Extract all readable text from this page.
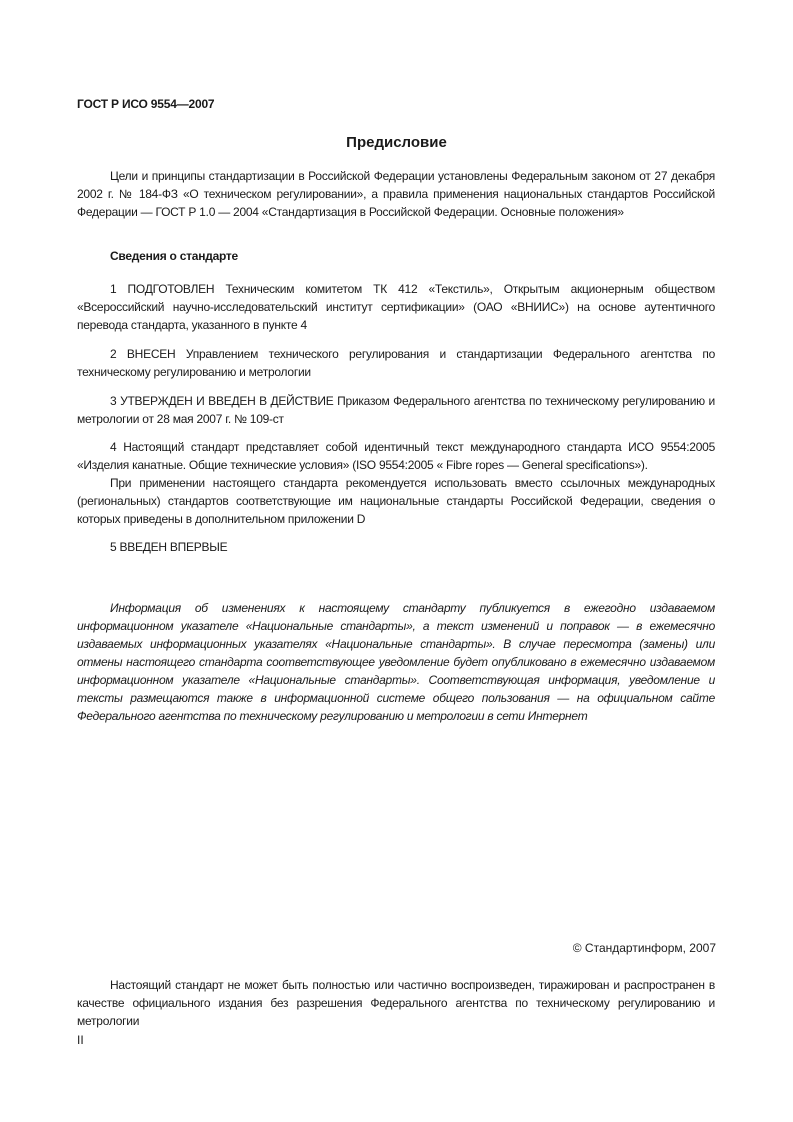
ГОСТ Р ИСО 9554—2007
Предисловие

Цели и принципы стандартизации в Российской Федерации установлены Федеральным законом от 27 декабря 2002 г. № 184-ФЗ «О техническом регулировании», а правила применения национальных стандартов Российской Федерации — ГОСТ Р 1.0 — 2004 «Стандартизация в Российской Федерации. Основные положения»

Сведения о стандарте

1 ПОДГОТОВЛЕН Техническим комитетом ТК 412 «Текстиль», Открытым акционерным обществом «Всероссийский научно-исследовательский институт сертификации» (ОАО «ВНИИС») на основе аутентичного перевода стандарта, указанного в пункте 4

2 ВНЕСЕН Управлением технического регулирования и стандартизации Федерального агентства по техническому регулированию и метрологии

3 УТВЕРЖДЕН И ВВЕДЕН В ДЕЙСТВИЕ Приказом Федерального агентства по техническому регулированию и метрологии от 28 мая 2007 г. № 109-ст

4 Настоящий стандарт представляет собой идентичный текст международного стандарта ИСО 9554:2005 «Изделия канатные. Общие технические условия» (ISO 9554:2005 « Fibre ropes — General specifications»).

При применении настоящего стандарта рекомендуется использовать вместо ссылочных международных (региональных) стандартов соответствующие им национальные стандарты Российской Федерации, сведения о которых приведены в дополнительном приложении D

5 ВВЕДЕН ВПЕРВЫЕ

Информация об изменениях к настоящему стандарту публикуется в ежегодно издаваемом информационном указателе «Национальные стандарты», а текст изменений и поправок — в ежемесячно издаваемых информационных указателях «Национальные стандарты». В случае пересмотра (замены) или отмены настоящего стандарта соответствующее уведомление будет опубликовано в ежемесячно издаваемом информационном указателе «Национальные стандарты». Соответствующая информация, уведомление и тексты размещаются также в информационной системе общего пользования — на официальном сайте Федерального агентства по техническому регулированию и метрологии в сети Интернет

© Стандартинформ, 2007

Настоящий стандарт не может быть полностью или частично воспроизведен, тиражирован и распространен в качестве официального издания без разрешения Федерального агентства по техническому регулированию и метрологии

II
